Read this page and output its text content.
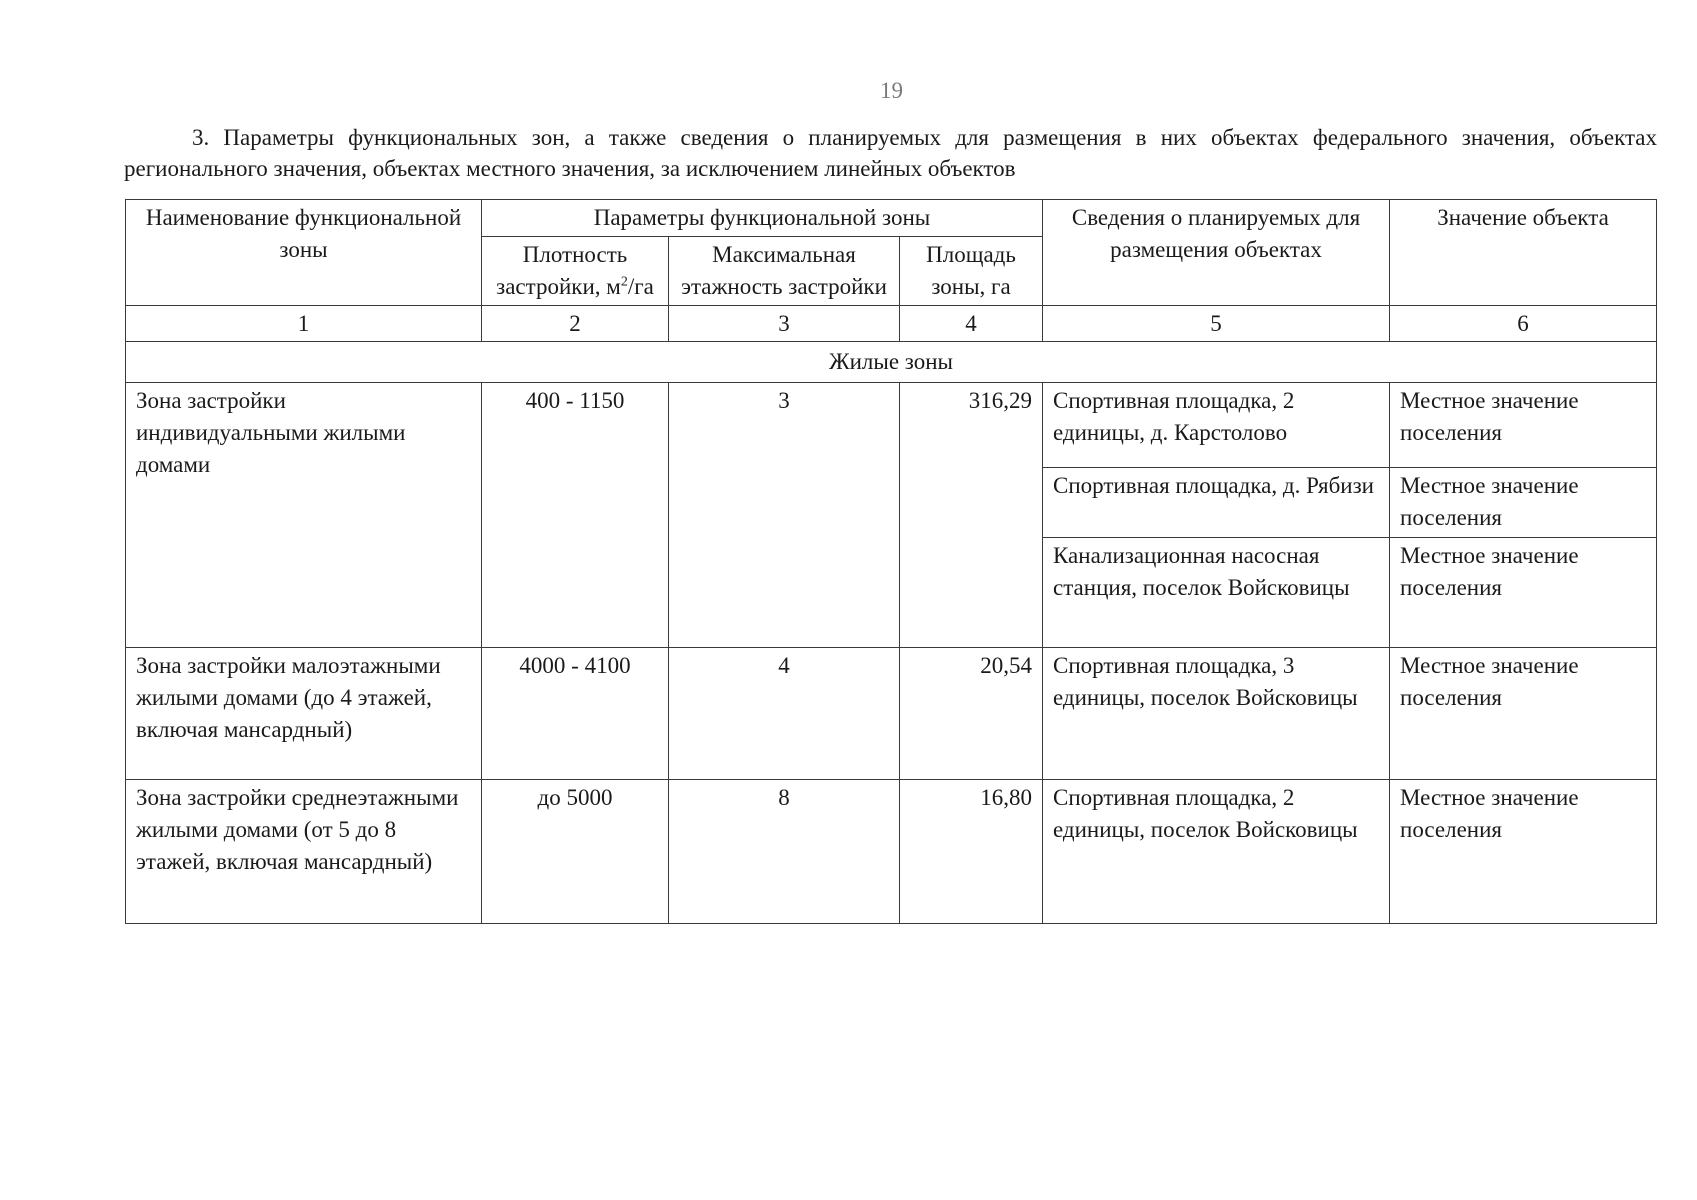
19
3. Параметры функциональных зон, а также сведения о планируемых для размещения в них объектах федерального значения, объектах регионального значения, объектах местного значения, за исключением линейных объектов
Наименование функциональной зоны	Параметры функциональной зоны			Сведения о планируемых для размещения объектах	Значение объекта
	Плотность застройки, $м^2/га$	Максимальная этажность застройки	Площадь зоны, га		
1	2	3	4	5	6
Жилые зоны					
Зона застройки индивидуальными жилыми домами	400 - 1150	3	316,29	Спортивная площадка, 2 единицы, д. Карстолово	Местное значение поселения
				Спортивная площадка, д. Рябизи	Местное значение поселения
				Канализационная насосная станция, поселок Войсковицы	Местное значение поселения
Зона застройки малоэтажными жилыми домами (до 4 этажей, включая мансардный)	4000 - 4100	4	20,54	Спортивная площадка, 3 единицы, поселок Войсковицы	Местное значение поселения
Зона застройки среднеэтажными жилыми домами (от 5 до 8 этажей, включая мансардный)	до 5000	8	16,80	Спортивная площадка, 2 единицы, поселок Войсковицы	Местное значение поселения
